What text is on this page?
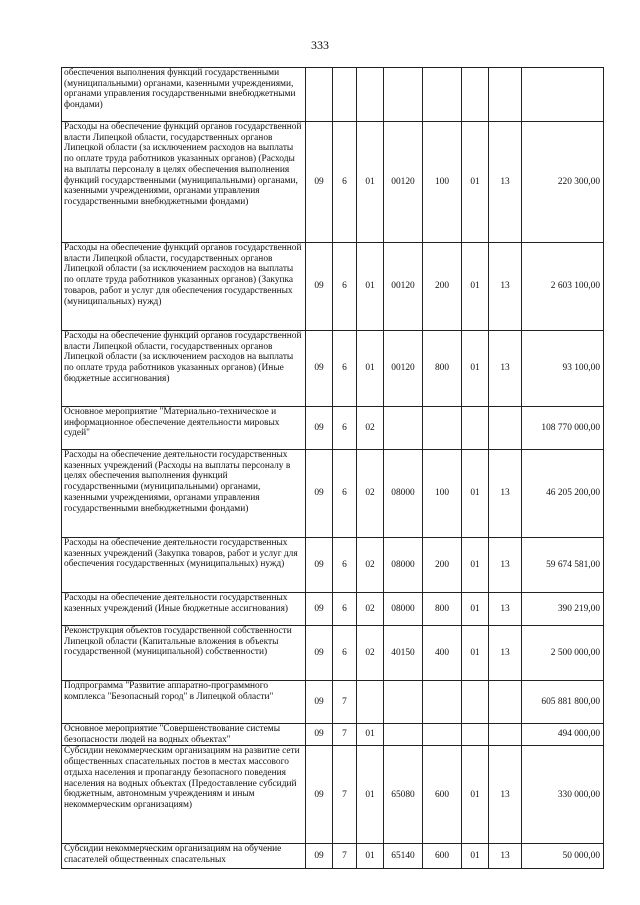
333
обеспечения выполнения функций государственными (муниципальными) органами, казенными учреждениями, органами управления государственными внебюджетными фондами)								
Расходы на обеспечение функций органов государственной власти Липецкой области, государственных органов Липецкой области (за исключением расходов на выплаты по оплате труда работников указанных органов) (Расходы на выплаты персоналу в целях обеспечения выполнения функций государственными (муниципальными) органами, казенными учреждениями, органами управления государственными внебюджетными фондами)	09	6	01	00120	100	01	13	220 300,00
Расходы на обеспечение функций органов государственной власти Липецкой области, государственных органов Липецкой области (за исключением расходов на выплаты по оплате труда работников указанных органов) (Закупка товаров, работ и услуг для обеспечения государственных (муниципальных) нужд)	09	6	01	00120	200	01	13	2 603 100,00
Расходы на обеспечение функций органов государственной власти Липецкой области, государственных органов Липецкой области (за исключением расходов на выплаты по оплате труда работников указанных органов) (Иные бюджетные ассигнования)	09	6	01	00120	800	01	13	93 100,00
Основное мероприятие "Материально-техническое и информационное обеспечение деятельности мировых судей"	09	6	02					108 770 000,00
Расходы на обеспечение деятельности государственных казенных учреждений (Расходы на выплаты персоналу в целях обеспечения выполнения функций государственными (муниципальными) органами, казенными учреждениями, органами управления государственными внебюджетными фондами)	09	6	02	08000	100	01	13	46 205 200,00
Расходы на обеспечение деятельности государственных казенных учреждений (Закупка товаров, работ и услуг для обеспечения государственных (муниципальных) нужд)	09	6	02	08000	200	01	13	59 674 581,00
Расходы на обеспечение деятельности государственных казенных учреждений (Иные бюджетные ассигнования)	09	6	02	08000	800	01	13	390 219,00
Реконструкция объектов государственной собственности Липецкой области (Капитальные вложения в объекты государственной (муниципальной) собственности)	09	6	02	40150	400	01	13	2 500 000,00
Подпрограмма "Развитие аппаратно-программного комплекса "Безопасный город" в Липецкой области"	09	7						605 881 800,00
Основное мероприятие "Совершенствование системы безопасности людей на водных объектах"	09	7	01					494 000,00
Субсидии некоммерческим организациям на развитие сети общественных спасательных постов в местах массового отдыха населения и пропаганду безопасного поведения населения на водных объектах (Предоставление субсидий бюджетным, автономным учреждениям и иным некоммерческим организациям)	09	7	01	65080	600	01	13	330 000,00
Субсидии некоммерческим организациям на обучение спасателей общественных спасательных	09	7	01	65140	600	01	13	50 000,00
